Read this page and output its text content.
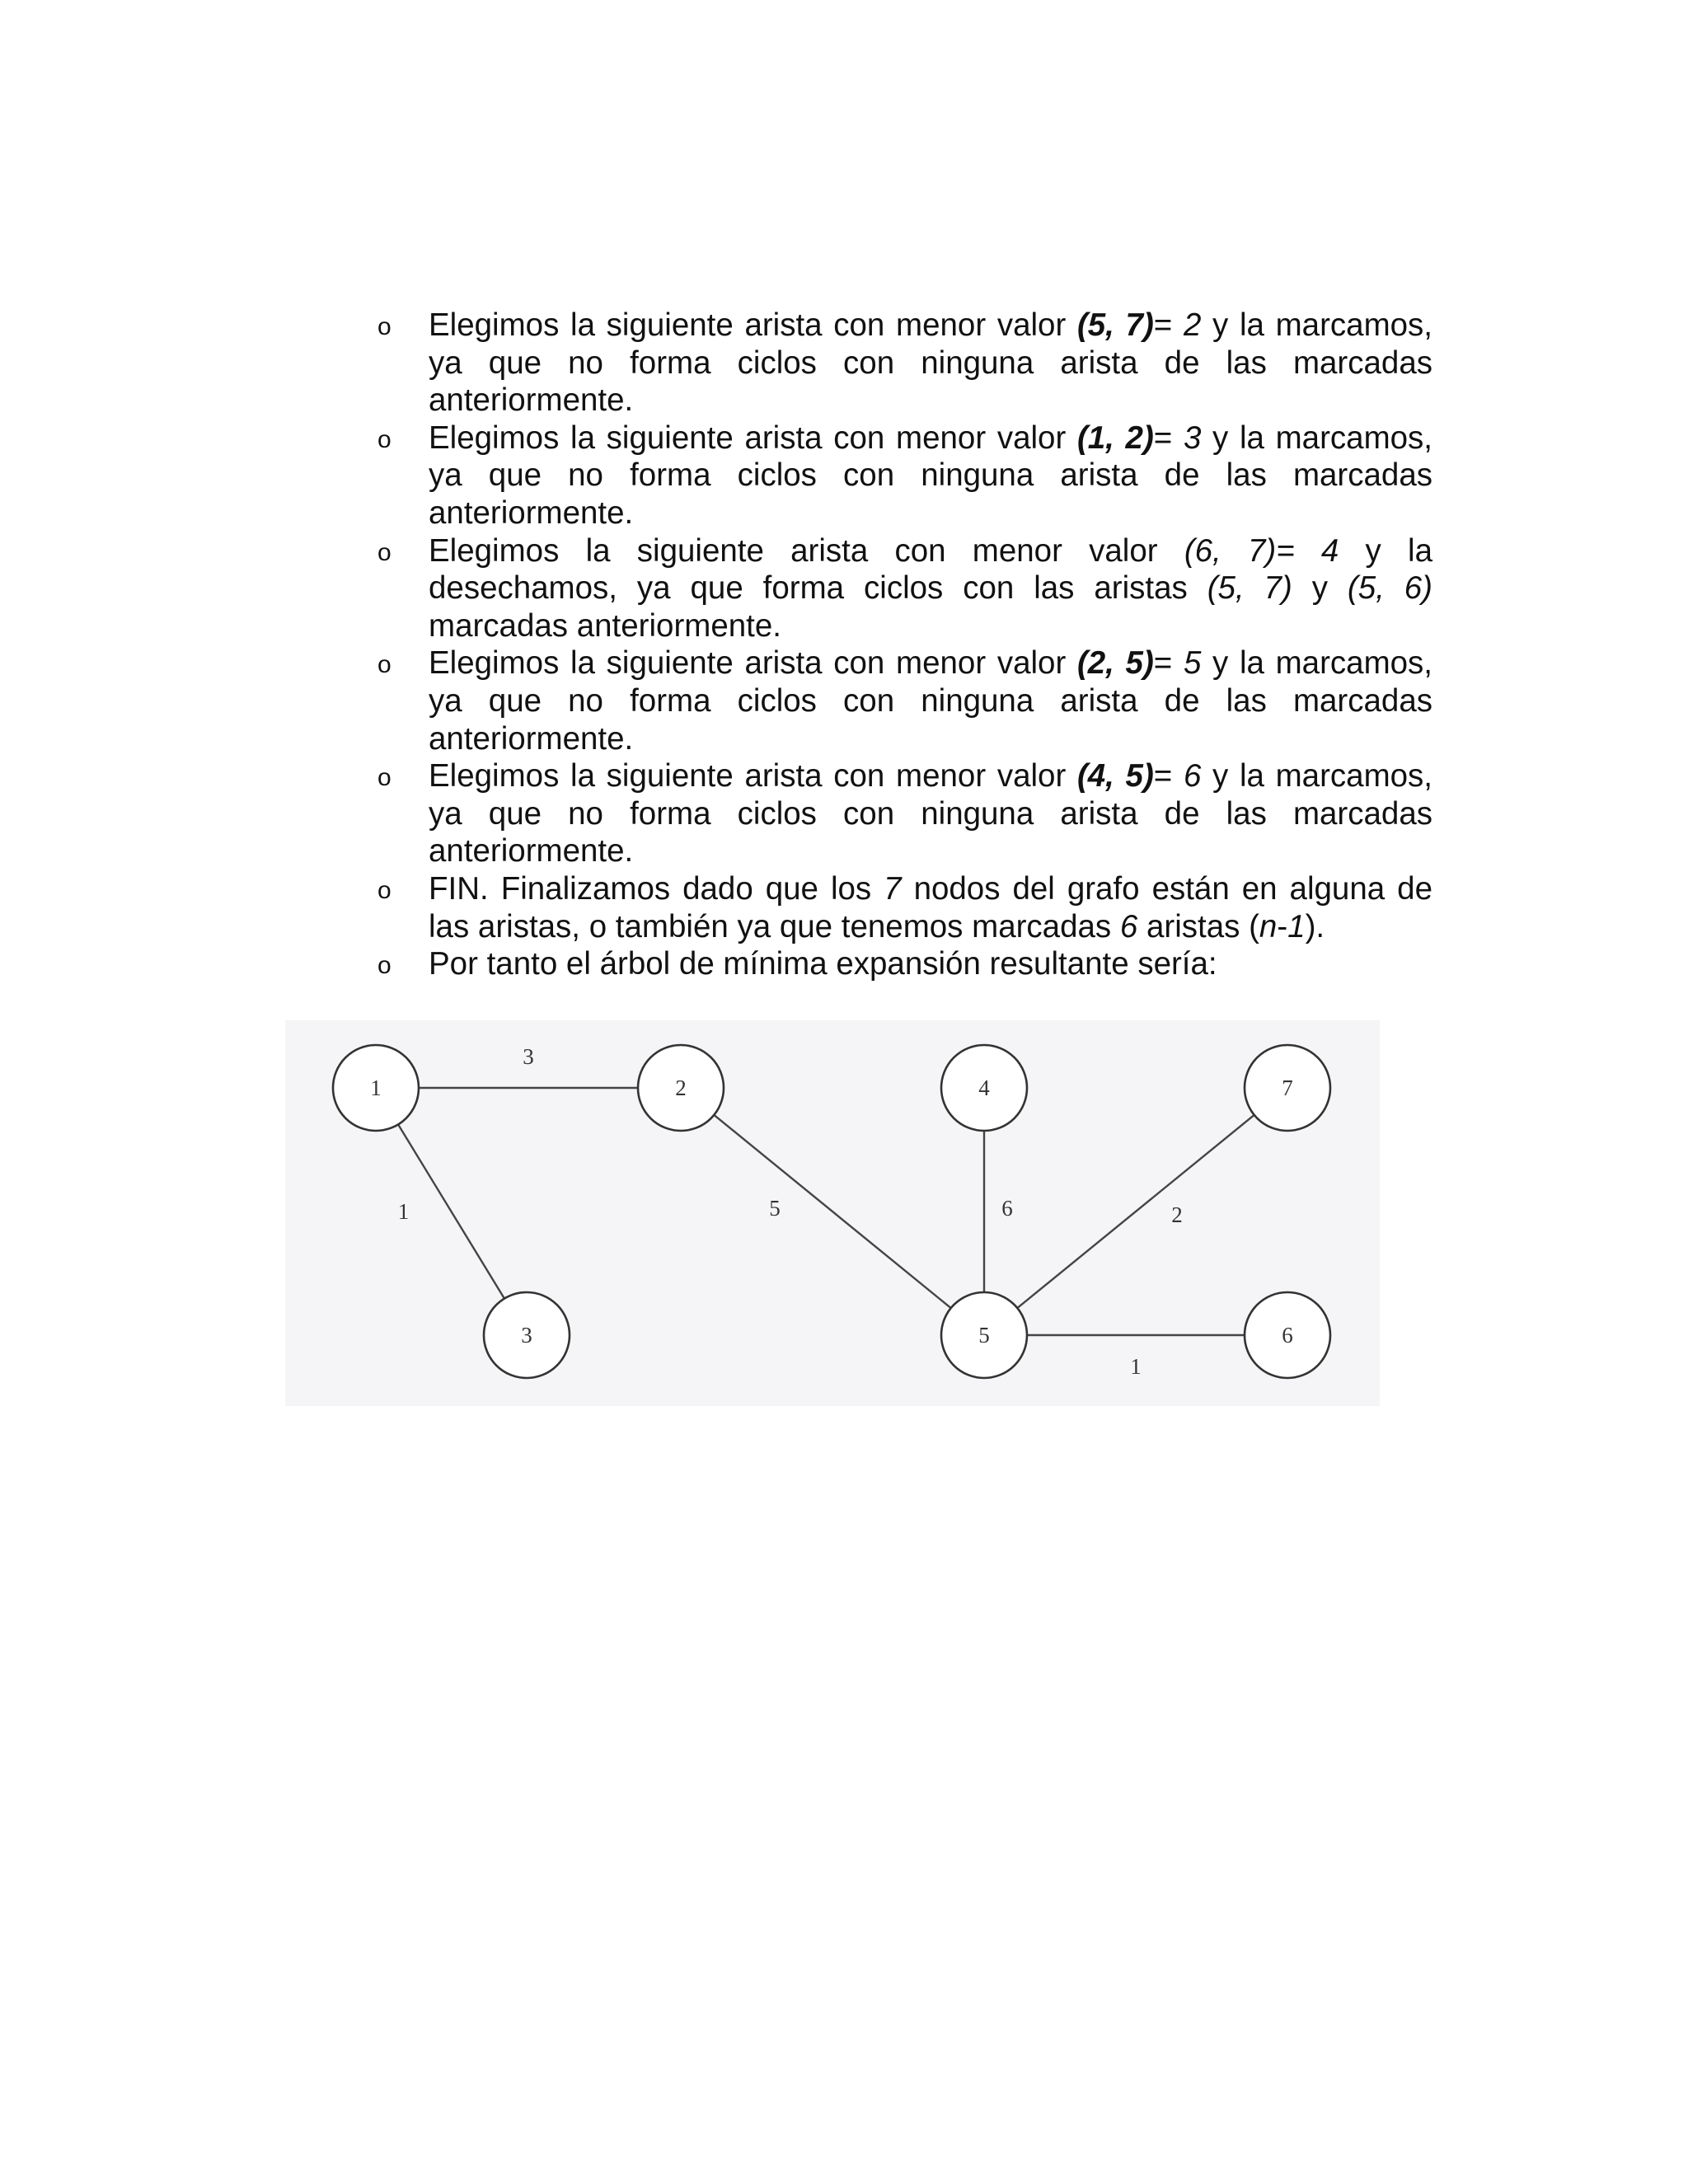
o Elegimos la siguiente arista con menor valor (5, 7)= 2 y la marcamos, ya que no forma ciclos con ninguna arista de las marcadas anteriormente.
o Elegimos la siguiente arista con menor valor (1, 2)= 3 y la marcamos, ya que no forma ciclos con ninguna arista de las marcadas anteriormente.
o Elegimos la siguiente arista con menor valor (6, 7)= 4 y la desechamos, ya que forma ciclos con las aristas (5, 7) y (5, 6) marcadas anteriormente.
o Elegimos la siguiente arista con menor valor (2, 5)= 5 y la marcamos, ya que no forma ciclos con ninguna arista de las marcadas anteriormente.
o Elegimos la siguiente arista con menor valor (4, 5)= 6 y la marcamos, ya que no forma ciclos con ninguna arista de las marcadas anteriormente.
o FIN. Finalizamos dado que los 7 nodos del grafo están en alguna de las aristas, o también ya que tenemos marcadas 6 aristas (n-1).
o Por tanto el árbol de mínima expansión resultante sería:
3
1	5	6	2
1
1	2
3
4
5	6
7
